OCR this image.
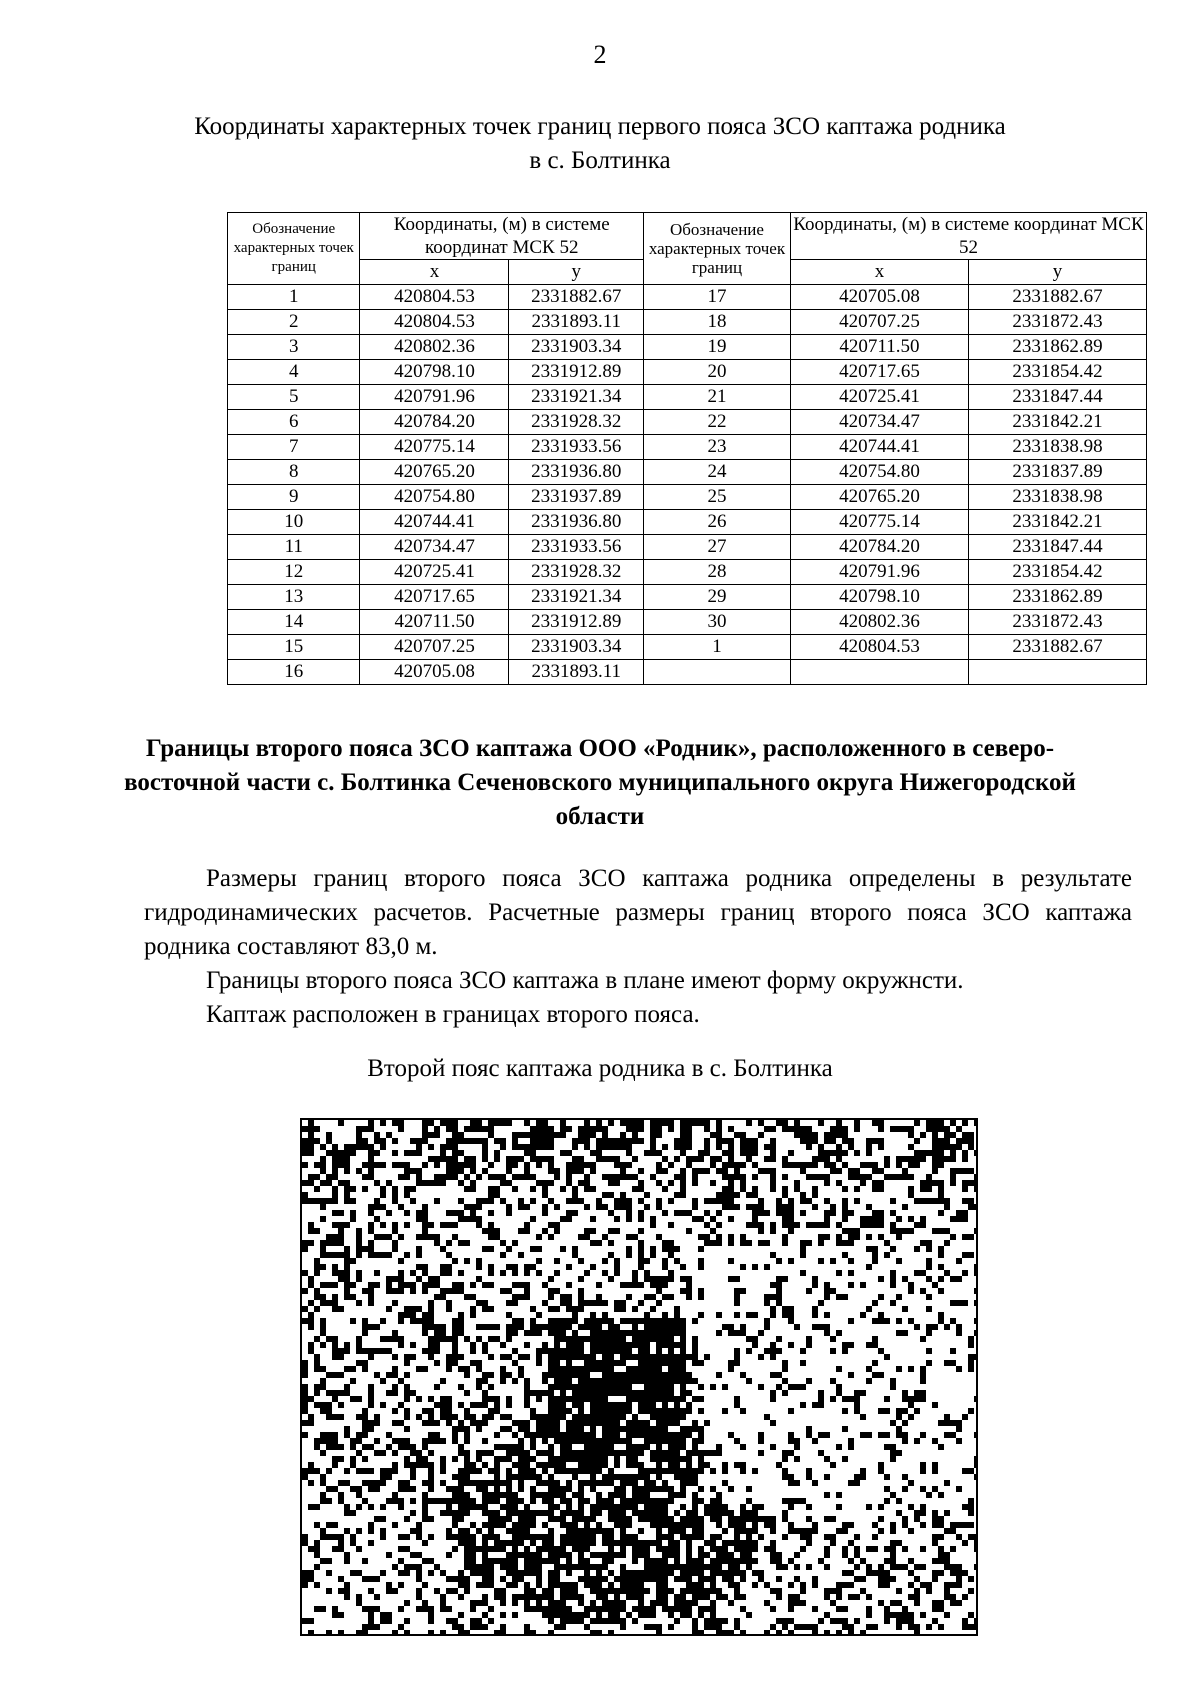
2
Координаты характерных точек границ первого пояса ЗСО каптажа родника
в с. Болтинка
Обозначение характерных точек границ	Координаты, (м) в системе координат МСК 52		Обозначение характерных точек границ	Координаты, (м) в системе координат МСК 52	
	x	y		x	y
1	420804.53	2331882.67	17	420705.08	2331882.67
2	420804.53	2331893.11	18	420707.25	2331872.43
3	420802.36	2331903.34	19	420711.50	2331862.89
4	420798.10	2331912.89	20	420717.65	2331854.42
5	420791.96	2331921.34	21	420725.41	2331847.44
6	420784.20	2331928.32	22	420734.47	2331842.21
7	420775.14	2331933.56	23	420744.41	2331838.98
8	420765.20	2331936.80	24	420754.80	2331837.89
9	420754.80	2331937.89	25	420765.20	2331838.98
10	420744.41	2331936.80	26	420775.14	2331842.21
11	420734.47	2331933.56	27	420784.20	2331847.44
12	420725.41	2331928.32	28	420791.96	2331854.42
13	420717.65	2331921.34	29	420798.10	2331862.89
14	420711.50	2331912.89	30	420802.36	2331872.43
15	420707.25	2331903.34	1	420804.53	2331882.67
16	420705.08	2331893.11			
Границы второго пояса ЗСО каптажа ООО «Родник», расположенного в северо-восточной части с. Болтинка Сеченовского муниципального округа Нижегородской области

Размеры границ второго пояса ЗСО каптажа родника определены в результате гидродинамических расчетов. Расчетные размеры границ второго пояса ЗСО каптажа родника составляют 83,0 м.

Границы второго пояса ЗСО каптажа в плане имеют форму окружнсти.

Каптаж расположен в границах второго пояса.

Второй пояс каптажа родника в с. Болтинка
